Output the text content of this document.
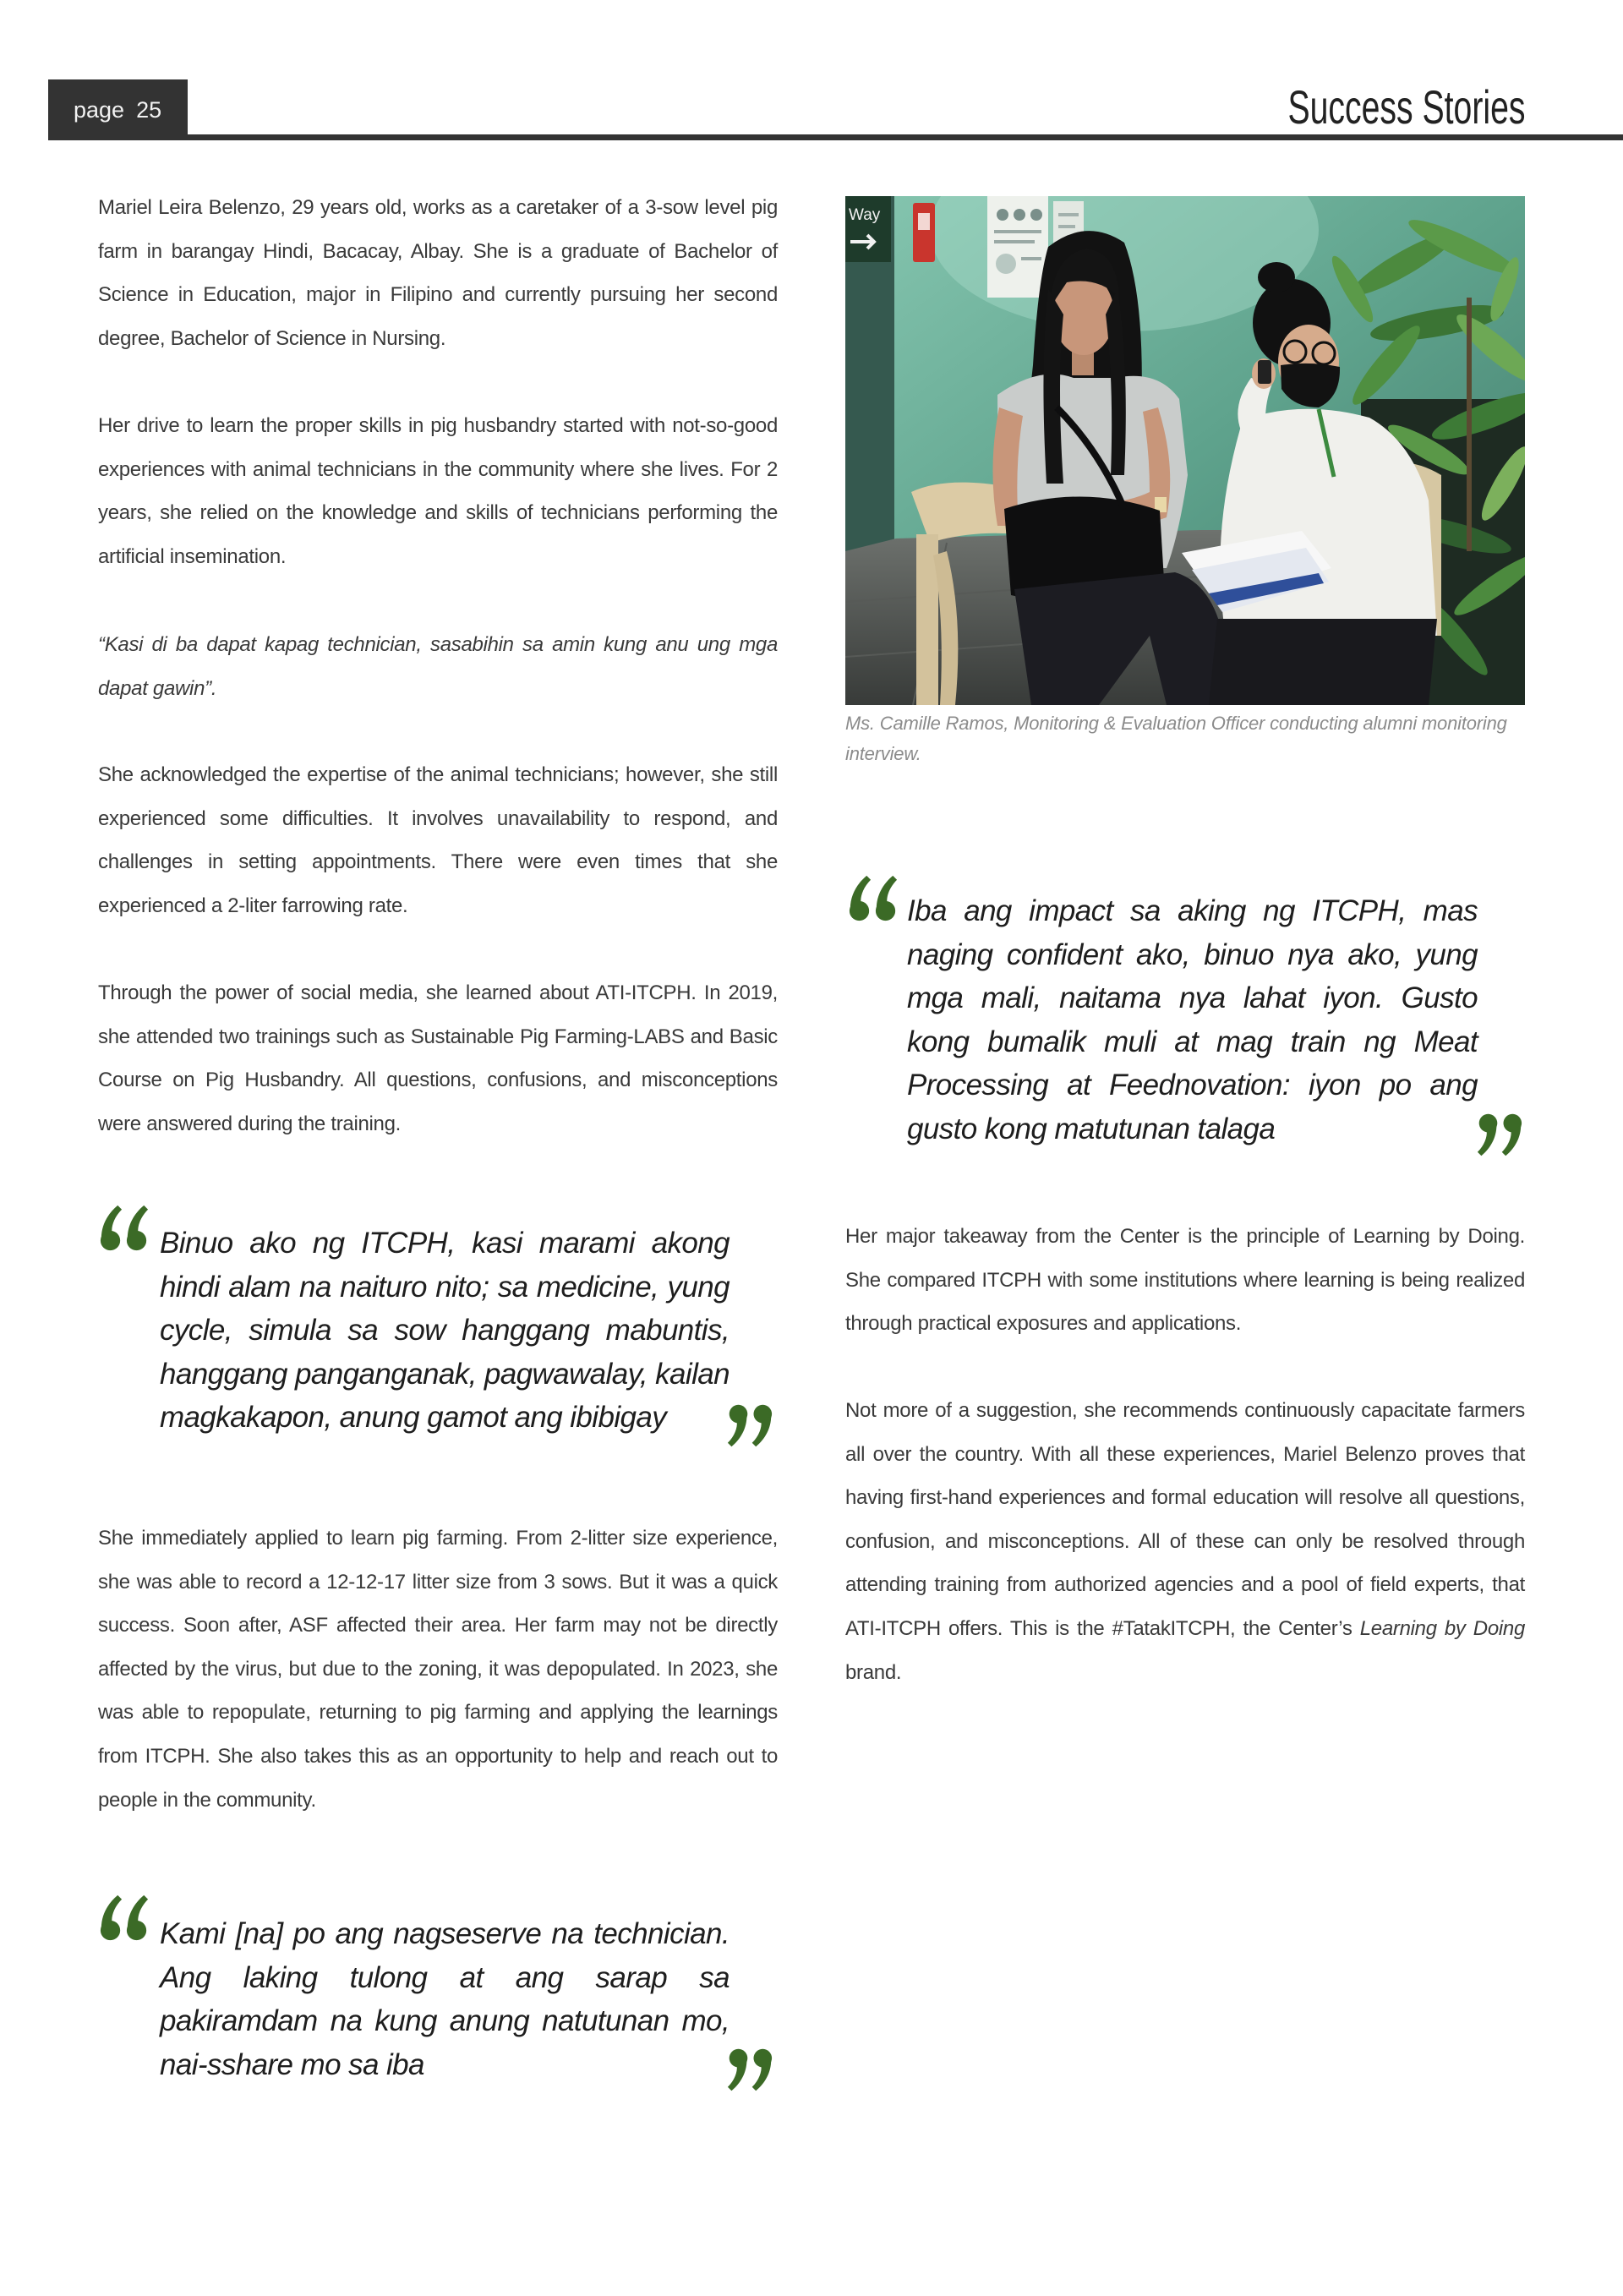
page 25	Success Stories

Mariel Leira Belenzo, 29 years old, works as a caretaker of a 3-sow level pig farm in barangay Hindi, Bacacay, Albay. She is a graduate of Bachelor of Science in Education, major in Filipino and currently pursuing her second degree, Bachelor of Science in Nursing.

Her drive to learn the proper skills in pig husbandry started with not-so-good experiences with animal technicians in the community where she lives. For 2 years, she relied on the knowledge and skills of technicians performing the artificial insemination.

“Kasi di ba dapat kapag technician, sasabihin sa amin kung anu ung mga dapat gawin”.

She acknowledged the expertise of the animal technicians; however, she still experienced some difficulties. It involves unavailability to respond, and challenges in setting appointments. There were even times that she experienced a 2-liter farrowing rate.

Through the power of social media, she learned about ATI-ITCPH. In 2019, she attended two trainings such as Sustainable Pig Farming-LABS and Basic Course on Pig Husbandry. All questions, confusions, and misconceptions were answered during the training.

Binuo ako ng ITCPH, kasi marami akong hindi alam na naituro nito; sa medicine, yung cycle, simula sa sow hanggang mabuntis, hanggang panganganak, pagwawalay, kailan magkakapon, anung gamot ang ibibigay

She immediately applied to learn pig farming. From 2-litter size experience, she was able to record a 12-12-17 litter size from 3 sows. But it was a quick success. Soon after, ASF affected their area. Her farm may not be directly affected by the virus, but due to the zoning, it was depopulated. In 2023, she was able to repopulate, returning to pig farming and applying the learnings from ITCPH. She also takes this as an opportunity to help and reach out to people in the community.

Kami [na] po ang nagseserve na technician. Ang laking tulong at ang sarap sa pakiramdam na kung anung natutunan mo, nai-sshare mo sa iba

Way

Ms. Camille Ramos, Monitoring & Evaluation Officer conducting alumni monitoring interview.

Iba ang impact sa aking ng ITCPH, mas naging confident ako, binuo nya ako, yung mga mali, naitama nya lahat iyon. Gusto kong bumalik muli at mag train ng Meat Processing at Feednovation: iyon po ang gusto kong matutunan talaga

Her major takeaway from the Center is the principle of Learning by Doing. She compared ITCPH with some institutions where learning is being realized through practical exposures and applications.

Not more of a suggestion, she recommends continuously capacitate farmers all over the country. With all these experiences, Mariel Belenzo proves that having first-hand experiences and formal education will resolve all questions, confusion, and misconceptions. All of these can only be resolved through attending training from authorized agencies and a pool of field experts, that ATI-ITCPH offers. This is the #TatakITCPH, the Center’s Learning by Doing brand.
